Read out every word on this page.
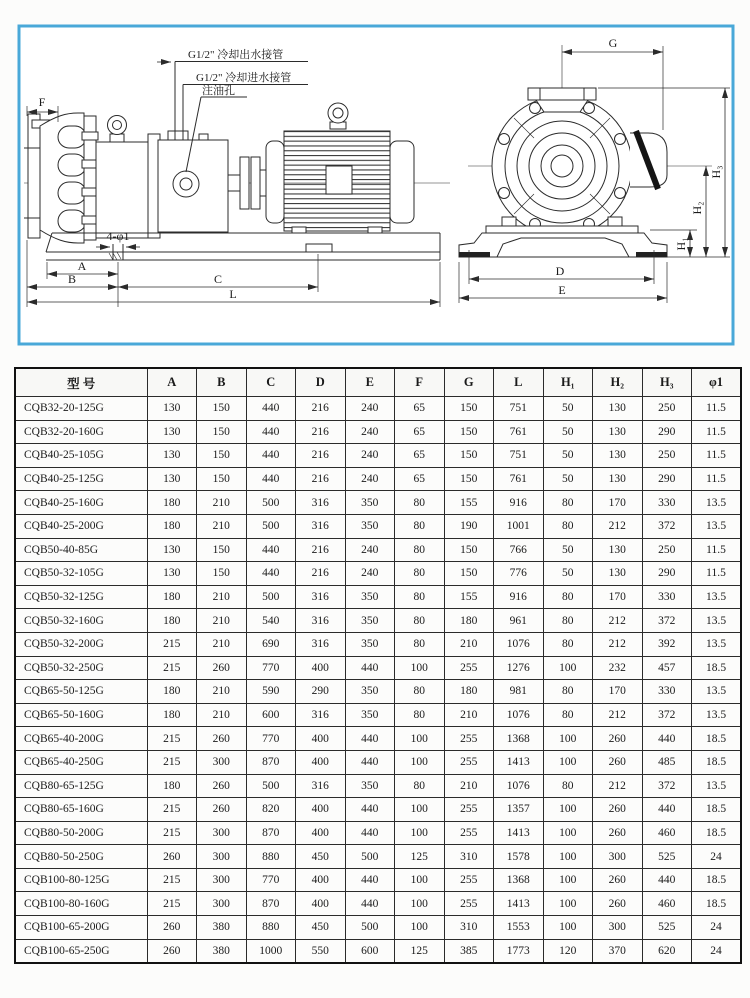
G1/2" 冷却出水接管
G1/2" 冷却进水接管
注油孔
F
4-φ1
A
B	C
L
G
D
E
H₁
H₂
H₃
型 号	A	B	C	D	E	F	G	L	H₁	H₂	H₃	φ1
CQB32-20-125G	130	150	440	216	240	65	150	751	50	130	250	11.5
CQB32-20-160G	130	150	440	216	240	65	150	761	50	130	290	11.5
CQB40-25-105G	130	150	440	216	240	65	150	751	50	130	250	11.5
CQB40-25-125G	130	150	440	216	240	65	150	761	50	130	290	11.5
CQB40-25-160G	180	210	500	316	350	80	155	916	80	170	330	13.5
CQB40-25-200G	180	210	500	316	350	80	190	1001	80	212	372	13.5
CQB50-40-85G	130	150	440	216	240	80	150	766	50	130	250	11.5
CQB50-32-105G	130	150	440	216	240	80	150	776	50	130	290	11.5
CQB50-32-125G	180	210	500	316	350	80	155	916	80	170	330	13.5
CQB50-32-160G	180	210	540	316	350	80	180	961	80	212	372	13.5
CQB50-32-200G	215	210	690	316	350	80	210	1076	80	212	392	13.5
CQB50-32-250G	215	260	770	400	440	100	255	1276	100	232	457	18.5
CQB65-50-125G	180	210	590	290	350	80	180	981	80	170	330	13.5
CQB65-50-160G	180	210	600	316	350	80	210	1076	80	212	372	13.5
CQB65-40-200G	215	260	770	400	440	100	255	1368	100	260	440	18.5
CQB65-40-250G	215	300	870	400	440	100	255	1413	100	260	485	18.5
CQB80-65-125G	180	260	500	316	350	80	210	1076	80	212	372	13.5
CQB80-65-160G	215	260	820	400	440	100	255	1357	100	260	440	18.5
CQB80-50-200G	215	300	870	400	440	100	255	1413	100	260	460	18.5
CQB80-50-250G	260	300	880	450	500	125	310	1578	100	300	525	24
CQB100-80-125G	215	300	770	400	440	100	255	1368	100	260	440	18.5
CQB100-80-160G	215	300	870	400	440	100	255	1413	100	260	460	18.5
CQB100-65-200G	260	380	880	450	500	100	310	1553	100	300	525	24
CQB100-65-250G	260	380	1000	550	600	125	385	1773	120	370	620	24
